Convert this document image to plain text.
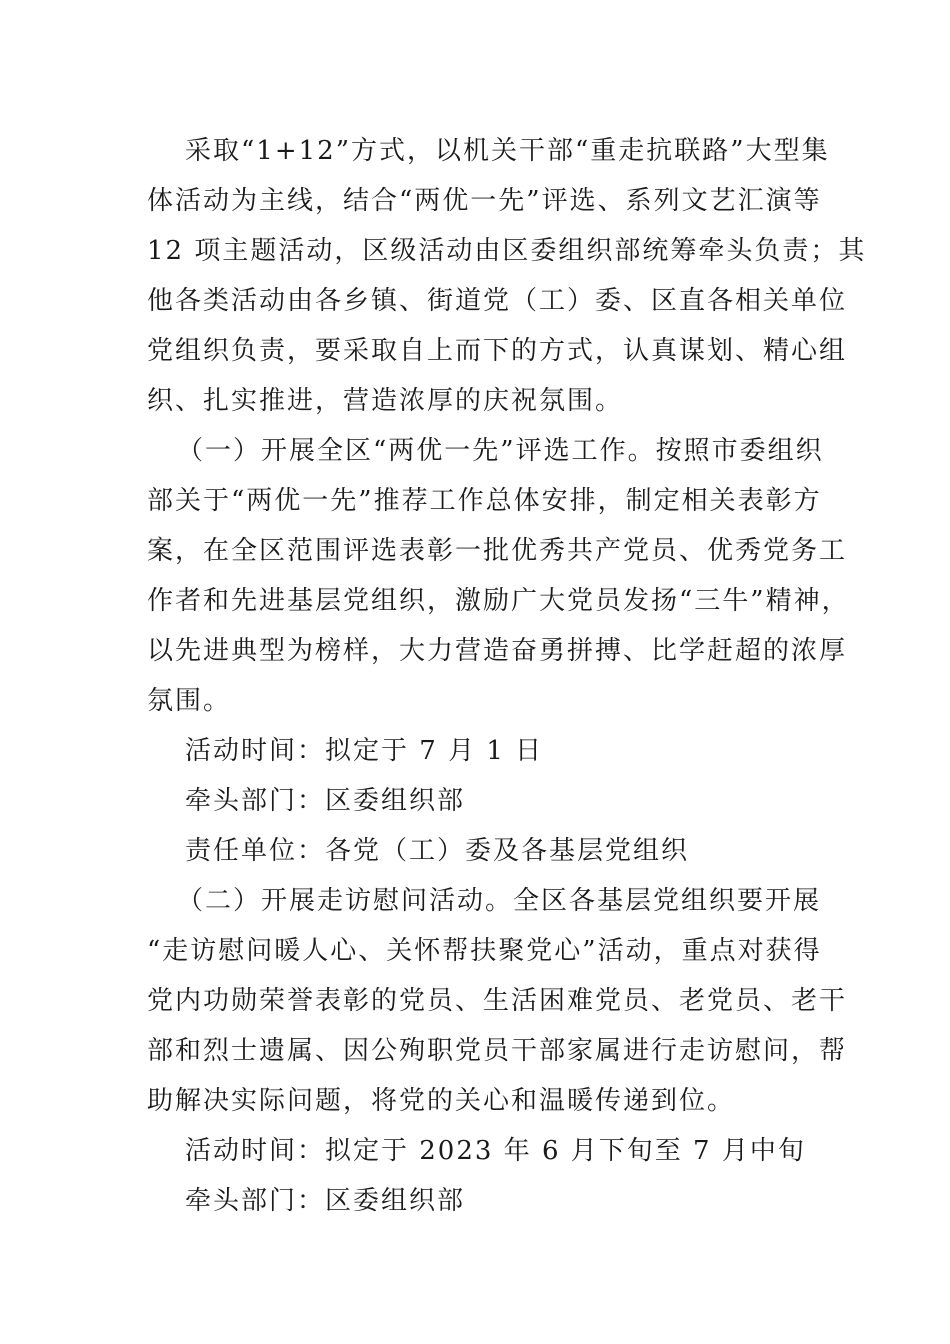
采取“1+12”方式，以机关干部“重走抗联路”大型集
体活动为主线，结合“两优一先”评选、系列文艺汇演等
12 项主题活动，区级活动由区委组织部统筹牵头负责；其
他各类活动由各乡镇、街道党（工）委、区直各相关单位
党组织负责，要采取自上而下的方式，认真谋划、精心组
织、扎实推进，营造浓厚的庆祝氛围。
（一）开展全区“两优一先”评选工作。按照市委组织
部关于“两优一先”推荐工作总体安排，制定相关表彰方
案，在全区范围评选表彰一批优秀共产党员、优秀党务工
作者和先进基层党组织，激励广大党员发扬“三牛”精神，
以先进典型为榜样，大力营造奋勇拼搏、比学赶超的浓厚
氛围。
活动时间：拟定于 7 月 1 日
牵头部门：区委组织部
责任单位：各党（工）委及各基层党组织
（二）开展走访慰问活动。全区各基层党组织要开展
“走访慰问暖人心、关怀帮扶聚党心”活动，重点对获得
党内功勋荣誉表彰的党员、生活困难党员、老党员、老干
部和烈士遗属、因公殉职党员干部家属进行走访慰问，帮
助解决实际问题，将党的关心和温暖传递到位。
活动时间：拟定于 2023 年 6 月下旬至 7 月中旬
牵头部门：区委组织部
